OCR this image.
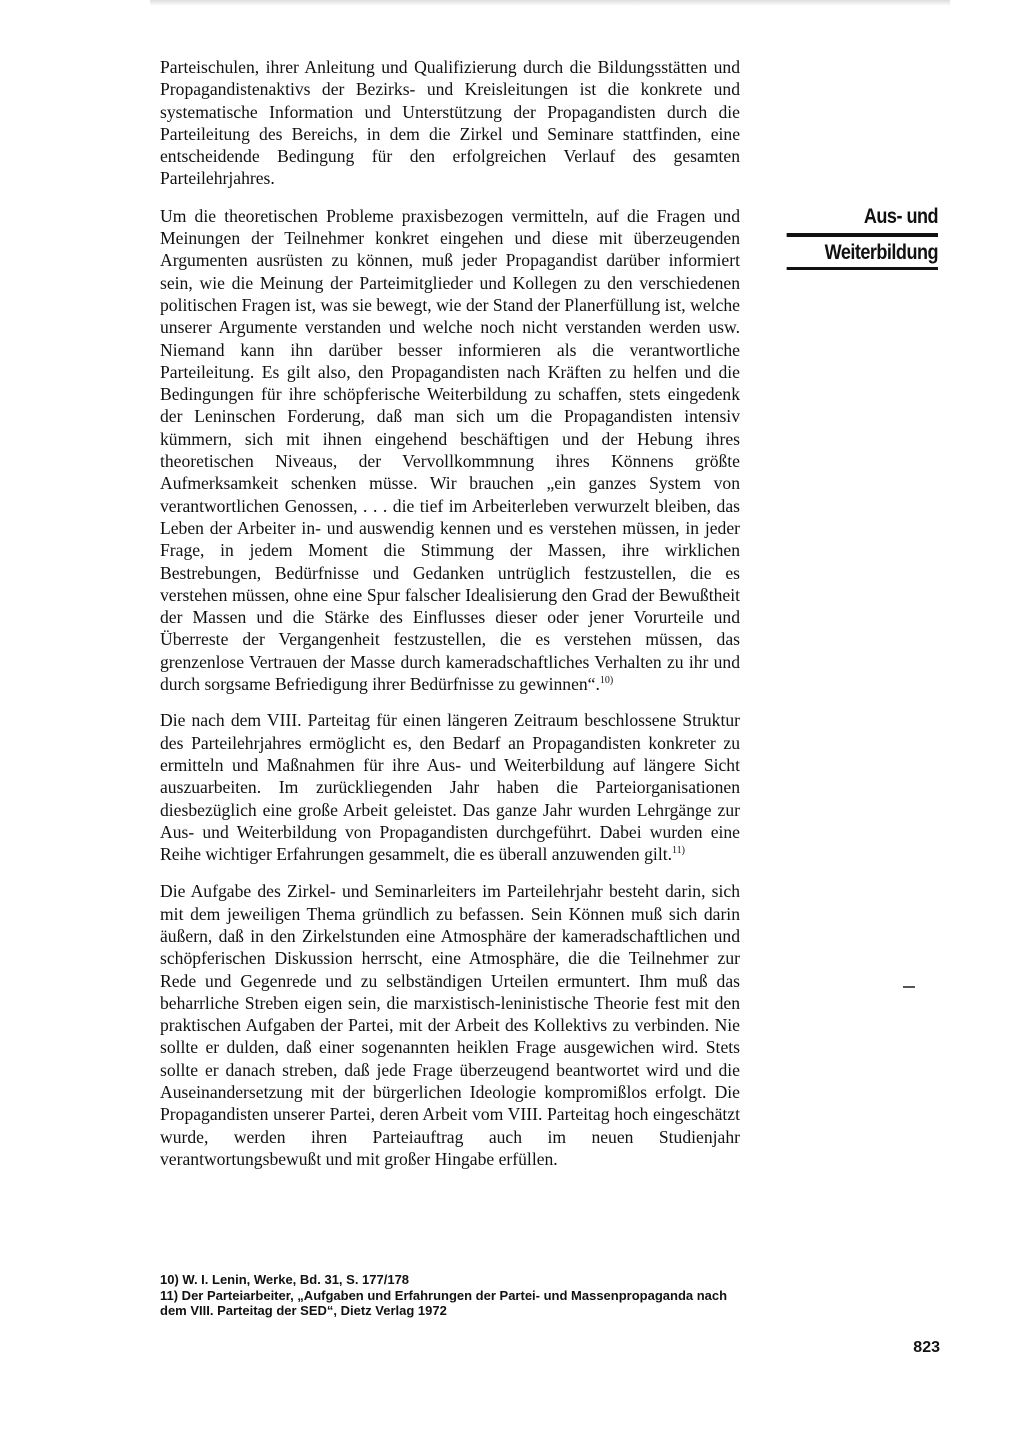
Parteischulen, ihrer Anleitung und Qualifizierung durch die Bildungsstätten und Propagandistenaktivs der Bezirks- und Kreisleitungen ist die konkrete und systematische Information und Unterstützung der Propagandisten durch die Parteileitung des Bereichs, in dem die Zirkel und Seminare stattfinden, eine entscheidende Bedingung für den erfolgreichen Verlauf des gesamten Parteilehrjahres.

Um die theoretischen Probleme praxisbezogen vermitteln, auf die Fragen und Meinungen der Teilnehmer konkret eingehen und diese mit überzeugenden Argumenten ausrüsten zu können, muß jeder Propagandist darüber informiert sein, wie die Meinung der Parteimitglieder und Kollegen zu den verschiedenen politischen Fragen ist, was sie bewegt, wie der Stand der Planerfüllung ist, welche unserer Argumente verstanden und welche noch nicht verstanden werden usw. Niemand kann ihn darüber besser informieren als die verantwortliche Parteileitung. Es gilt also, den Propagandisten nach Kräften zu helfen und die Bedingungen für ihre schöpferische Weiterbildung zu schaffen, stets eingedenk der Leninschen Forderung, daß man sich um die Propagandisten intensiv kümmern, sich mit ihnen eingehend beschäftigen und der Hebung ihres theoretischen Niveaus, der Vervollkommnung ihres Könnens größte Aufmerksamkeit schenken müsse. Wir brauchen „ein ganzes System von verantwortlichen Genossen, . . . die tief im Arbeiterleben verwurzelt bleiben, das Leben der Arbeiter in- und auswendig kennen und es verstehen müssen, in jeder Frage, in jedem Moment die Stimmung der Massen, ihre wirklichen Bestrebungen, Bedürfnisse und Gedanken untrüglich festzustellen, die es verstehen müssen, ohne eine Spur falscher Idealisierung den Grad der Bewußtheit der Massen und die Stärke des Einflusses dieser oder jener Vorurteile und Überreste der Vergangenheit festzustellen, die es verstehen müssen, das grenzenlose Vertrauen der Masse durch kameradschaftliches Verhalten zu ihr und durch sorgsame Befriedigung ihrer Bedürfnisse zu gewinnen“.$^{10)}$

Die nach dem VIII. Parteitag für einen längeren Zeitraum beschlossene Struktur des Parteilehrjahres ermöglicht es, den Bedarf an Propagandisten konkreter zu ermitteln und Maßnahmen für ihre Aus- und Weiterbildung auf längere Sicht auszuarbeiten. Im zurückliegenden Jahr haben die Parteiorganisationen diesbezüglich eine große Arbeit geleistet. Das ganze Jahr wurden Lehrgänge zur Aus- und Weiterbildung von Propagandisten durchgeführt. Dabei wurden eine Reihe wichtiger Erfahrungen gesammelt, die es überall anzuwenden gilt.$^{11)}$

Die Aufgabe des Zirkel- und Seminarleiters im Parteilehrjahr besteht darin, sich mit dem jeweiligen Thema gründlich zu befassen. Sein Können muß sich darin äußern, daß in den Zirkelstunden eine Atmosphäre der kameradschaftlichen und schöpferischen Diskussion herrscht, eine Atmosphäre, die die Teilnehmer zur Rede und Gegenrede und zu selbständigen Urteilen ermuntert. Ihm muß das beharrliche Streben eigen sein, die marxistisch-leninistische Theorie fest mit den praktischen Aufgaben der Partei, mit der Arbeit des Kollektivs zu verbinden. Nie sollte er dulden, daß einer sogenannten heiklen Frage ausgewichen wird. Stets sollte er danach streben, daß jede Frage überzeugend beantwortet wird und die Auseinandersetzung mit der bürgerlichen Ideologie kompromißlos erfolgt. Die Propagandisten unserer Partei, deren Arbeit vom VIII. Parteitag hoch eingeschätzt wurde, werden ihren Parteiauftrag auch im neuen Studienjahr verantwortungsbewußt und mit großer Hingabe erfüllen.

Aus- und
Weiterbildung

10) W. I. Lenin, Werke, Bd. 31, S. 177/178

11) Der Parteiarbeiter, „Aufgaben und Erfahrungen der Partei- und Massenpropaganda nach dem VIII. Parteitag der SED“, Dietz Verlag 1972

823
